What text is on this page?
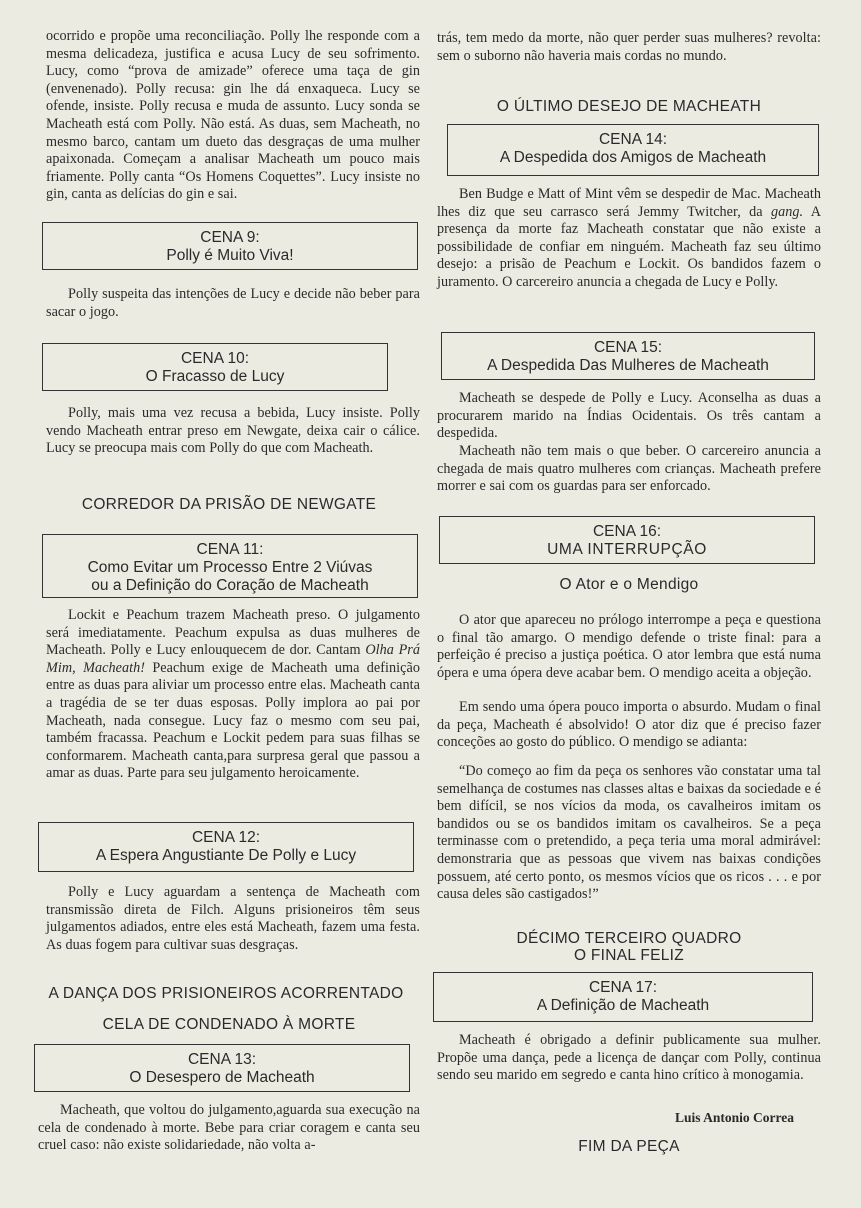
ocorrido e propõe uma reconciliação. Polly lhe responde com a mesma delicadeza, justifica e acusa Lucy de seu sofrimento. Lucy, como “prova de amizade” oferece uma taça de gin (envenenado). Polly recusa: gin lhe dá enxaqueca. Lucy se ofende, insiste. Polly recusa e muda de assunto. Lucy sonda se Macheath está com Polly. Não está. As duas, sem Macheath, no mesmo barco, cantam um dueto das desgraças de uma mulher apaixonada. Começam a analisar Macheath um pouco mais friamente. Polly canta “Os Homens Coquettes”. Lucy insiste no gin, canta as delícias do gin e sai.

CENA 9:
Polly é Muito Viva!

Polly suspeita das intenções de Lucy e decide não beber para sacar o jogo.

CENA 10:
O Fracasso de Lucy

Polly, mais uma vez recusa a bebida, Lucy insiste. Polly vendo Macheath entrar preso em Newgate, deixa cair o cálice. Lucy se preocupa mais com Polly do que com Macheath.

CORREDOR DA PRISÃO DE NEWGATE
CENA 11:
Como Evitar um Processo Entre 2 Viúvas
ou a Definição do Coração de Macheath

Lockit e Peachum trazem Macheath preso. O julgamento será imediatamente. Peachum expulsa as duas mulheres de Macheath. Polly e Lucy enlouquecem de dor. Cantam Olha Prá Mim, Macheath! Peachum exige de Macheath uma definição entre as duas para aliviar um processo entre elas. Macheath canta a tragédia de se ter duas esposas. Polly implora ao pai por Macheath, nada consegue. Lucy faz o mesmo com seu pai, também fracassa. Peachum e Lockit pedem para suas filhas se conformarem. Macheath canta,para surpresa geral que passou a amar as duas. Parte para seu julgamento heroicamente.

CENA 12:
A Espera Angustiante De Polly e Lucy

Polly e Lucy aguardam a sentença de Macheath com transmissão direta de Filch. Alguns prisioneiros têm seus julgamentos adiados, entre eles está Macheath, fazem uma festa. As duas fogem para cultivar suas desgraças.

A DANÇA DOS PRISIONEIROS ACORRENTADO
CELA DE CONDENADO À MORTE
CENA 13:
O Desespero de Macheath

Macheath, que voltou do julgamento,aguarda sua execução na cela de condenado à morte. Bebe para criar coragem e canta seu cruel caso: não existe solidariedade, não volta a-

trás, tem medo da morte, não quer perder suas mulheres? revolta: sem o suborno não haveria mais cordas no mundo.

O ÚLTIMO DESEJO DE MACHEATH
CENA 14:
A Despedida dos Amigos de Macheath

Ben Budge e Matt of Mint vêm se despedir de Mac. Macheath lhes diz que seu carrasco será Jemmy Twitcher, da gang. A presença da morte faz Macheath constatar que não existe a possibilidade de confiar em ninguém. Macheath faz seu último desejo: a prisão de Peachum e Lockit. Os bandidos fazem o juramento. O carcereiro anuncia a chegada de Lucy e Polly.

CENA 15:
A Despedida Das Mulheres de Macheath

Macheath se despede de Polly e Lucy. Aconselha as duas a procurarem marido na Índias Ocidentais. Os três cantam a despedida.

Macheath não tem mais o que beber. O carcereiro anuncia a chegada de mais quatro mulheres com crianças. Macheath prefere morrer e sai com os guardas para ser enforcado.

CENA 16:
UMA INTERRUPÇÃO
O Ator e o Mendigo

O ator que apareceu no prólogo interrompe a peça e questiona o final tão amargo. O mendigo defende o triste final: para a perfeição é preciso a justiça poética. O ator lembra que está numa ópera e uma ópera deve acabar bem. O mendigo aceita a objeção.

Em sendo uma ópera pouco importa o absurdo. Mudam o final da peça, Macheath é absolvido! O ator diz que é preciso fazer conceções ao gosto do público. O mendigo se adianta:

“Do começo ao fim da peça os senhores vão constatar uma tal semelhança de costumes nas classes altas e baixas da sociedade e é bem difícil, se nos vícios da moda, os cavalheiros imitam os bandidos ou se os bandidos imitam os cavalheiros. Se a peça terminasse com o pretendido, a peça teria uma moral admirável: demonstraria que as pessoas que vivem nas baixas condições possuem, até certo ponto, os mesmos vícios que os ricos . . . e por causa deles são castigados!”

DÉCIMO TERCEIRO QUADRO
O FINAL FELIZ
CENA 17:
A Definição de Macheath

Macheath é obrigado a definir publicamente sua mulher. Propõe uma dança, pede a licença de dançar com Polly, continua sendo seu marido em segredo e canta hino crítico à monogamia.

Luis Antonio Correa
FIM DA PEÇA
